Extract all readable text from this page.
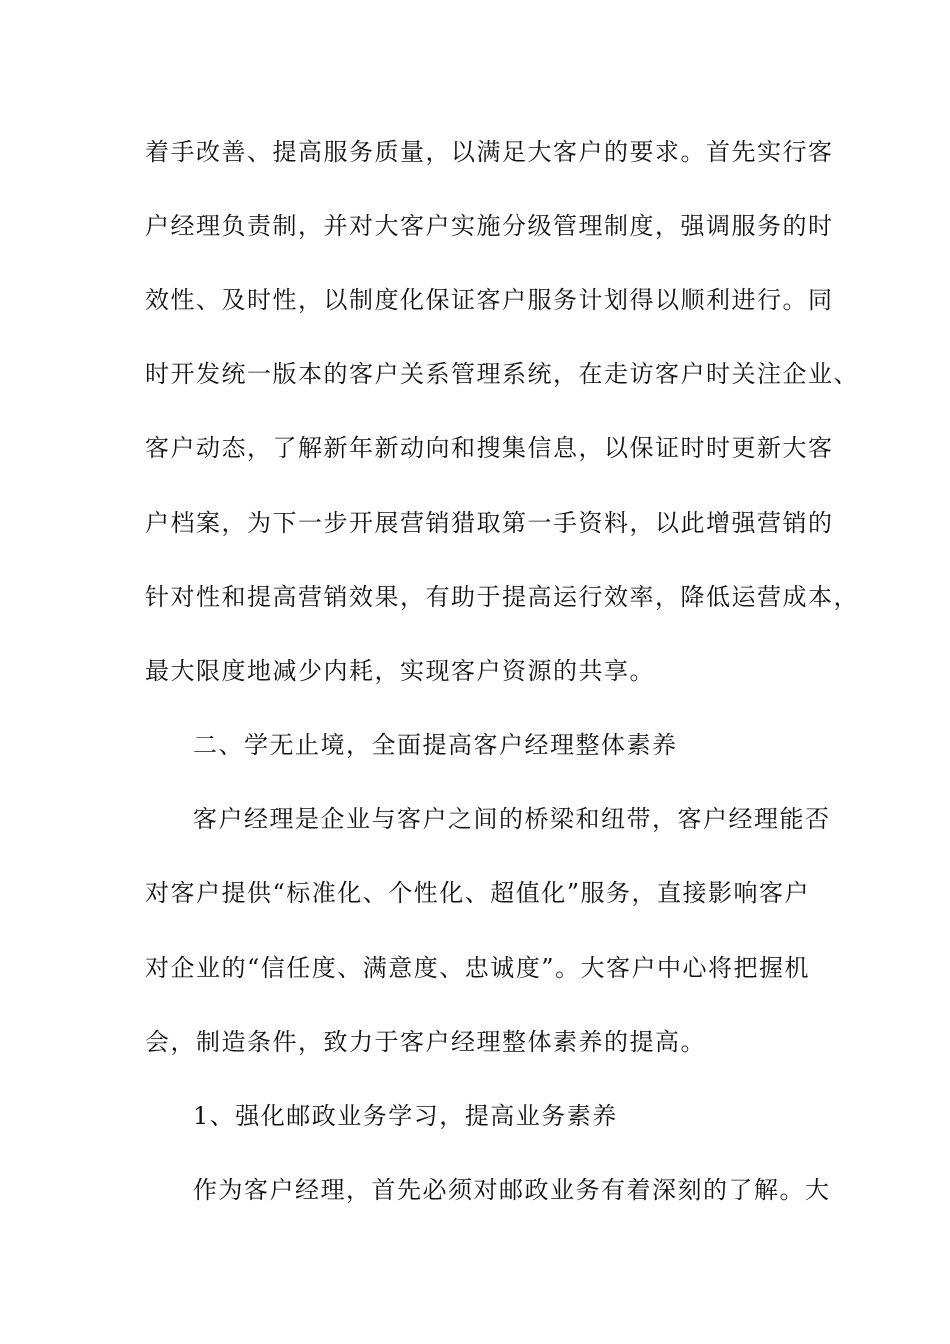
着手改善、提高服务质量，以满足大客户的要求。首先实行客
户经理负责制，并对大客户实施分级管理制度，强调服务的时
效性、及时性，以制度化保证客户服务计划得以顺利进行。同
时开发统一版本的客户关系管理系统，在走访客户时关注企业、
客户动态，了解新年新动向和搜集信息，以保证时时更新大客
户档案，为下一步开展营销猎取第一手资料，以此增强营销的
针对性和提高营销效果，有助于提高运行效率，降低运营成本，
最大限度地减少内耗，实现客户资源的共享。
二、学无止境，全面提高客户经理整体素养
客户经理是企业与客户之间的桥梁和纽带，客户经理能否
对客户提供“标准化、个性化、超值化”服务，直接影响客户
对企业的“信任度、满意度、忠诚度”。大客户中心将把握机
会，制造条件，致力于客户经理整体素养的提高。
1、强化邮政业务学习，提高业务素养
作为客户经理，首先必须对邮政业务有着深刻的了解。大
